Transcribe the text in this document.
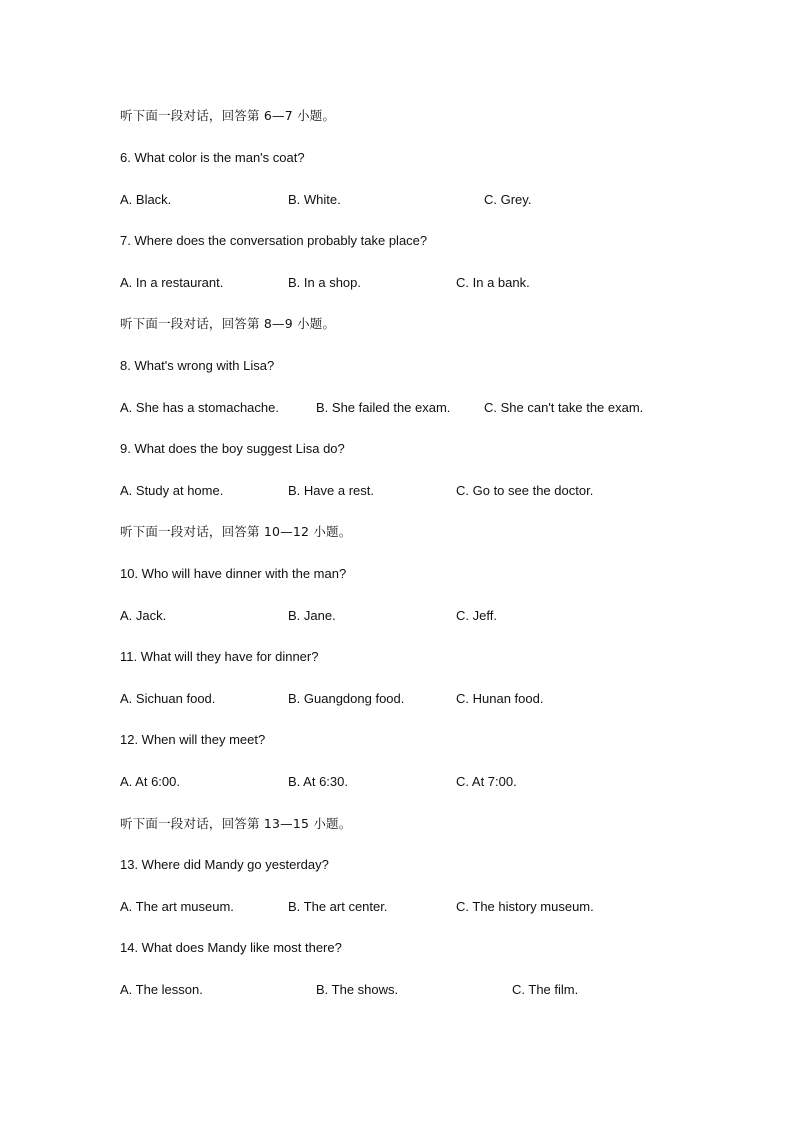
听下面一段对话，回答第 6—7 小题。
6. What color is the man's coat?
A. Black.	B. White.	C. Grey.
7. Where does the conversation probably take place?
A. In a restaurant.	B. In a shop.	C. In a bank.
听下面一段对话，回答第 8—9 小题。
8. What's wrong with Lisa?
A. She has a stomachache.	B. She failed the exam.	C. She can't take the exam.
9. What does the boy suggest Lisa do?
A. Study at home.	B. Have a rest.	C. Go to see the doctor.
听下面一段对话，回答第 10—12 小题。
10. Who will have dinner with the man?
A. Jack.	B. Jane.	C. Jeff.
11. What will they have for dinner?
A. Sichuan food.	B. Guangdong food.	C. Hunan food.
12. When will they meet?
A. At 6:00.	B. At 6:30.	C. At 7:00.
听下面一段对话，回答第 13—15 小题。
13. Where did Mandy go yesterday?
A. The art museum.	B. The art center.	C. The history museum.
14. What does Mandy like most there?
A. The lesson.	B. The shows.	C. The film.
